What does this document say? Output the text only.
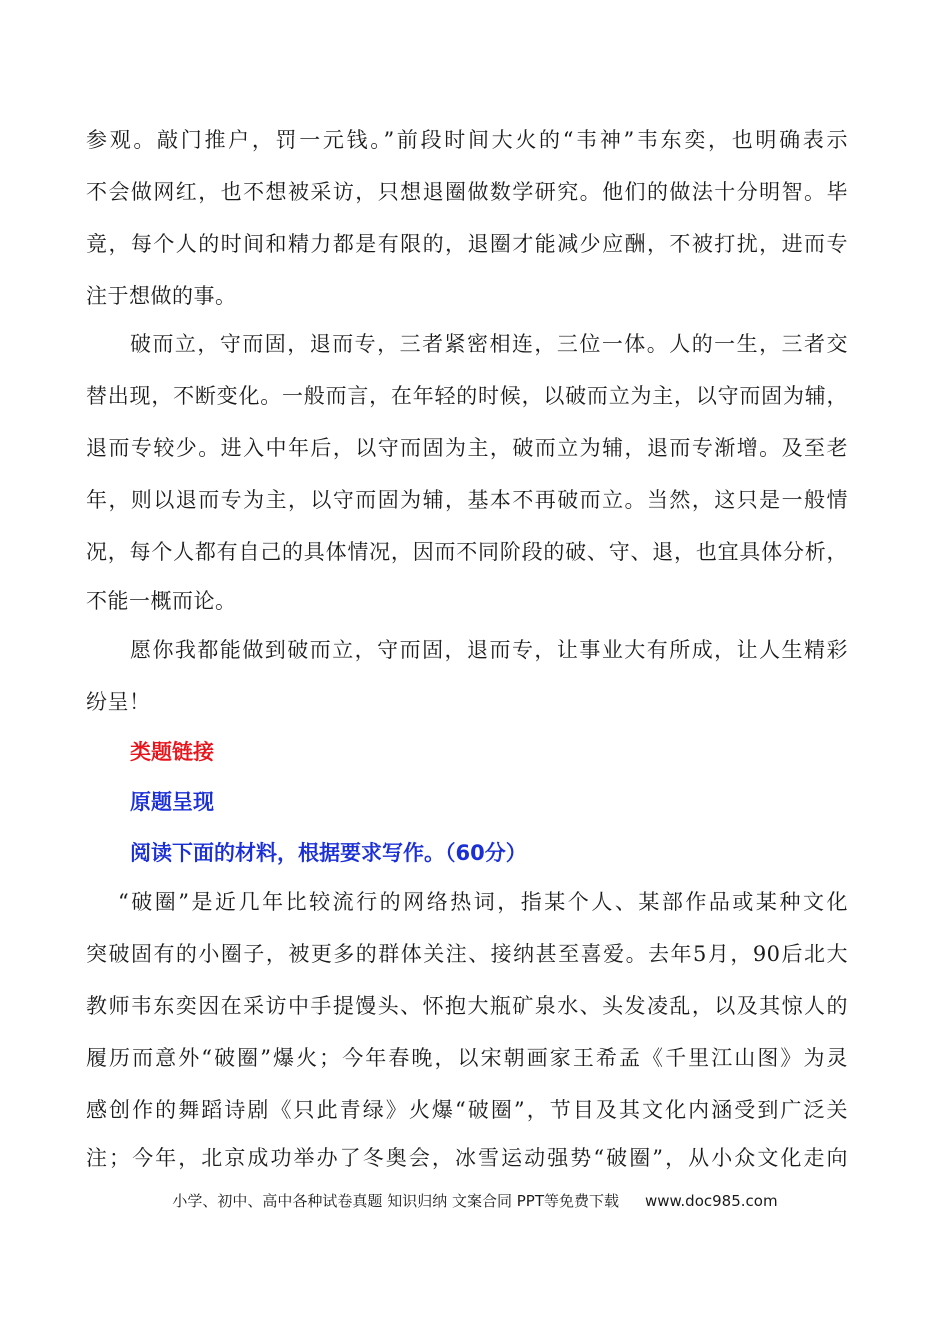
参观。敲门推户，罚一元钱。”前段时间大火的“韦神”韦东奕，也明确表示
不会做网红，也不想被采访，只想退圈做数学研究。他们的做法十分明智。毕
竟，每个人的时间和精力都是有限的，退圈才能减少应酬，不被打扰，进而专
注于想做的事。
破而立，守而固，退而专，三者紧密相连，三位一体。人的一生，三者交
替出现，不断变化。一般而言，在年轻的时候，以破而立为主，以守而固为辅，
退而专较少。进入中年后，以守而固为主，破而立为辅，退而专渐增。及至老
年，则以退而专为主，以守而固为辅，基本不再破而立。当然，这只是一般情
况，每个人都有自己的具体情况，因而不同阶段的破、守、退，也宜具体分析，
不能一概而论。
愿你我都能做到破而立，守而固，退而专，让事业大有所成，让人生精彩
纷呈！
类题链接
原题呈现
阅读下面的材料，根据要求写作。（60分）
“破圈”是近几年比较流行的网络热词，指某个人、某部作品或某种文化
突破固有的小圈子，被更多的群体关注、接纳甚至喜爱。去年5月，90后北大
教师韦东奕因在采访中手提馒头、怀抱大瓶矿泉水、头发凌乱，以及其惊人的
履历而意外“破圈”爆火；今年春晚，以宋朝画家王希孟《千里江山图》为灵
感创作的舞蹈诗剧《只此青绿》火爆“破圈”，节目及其文化内涵受到广泛关
注；今年，北京成功举办了冬奥会，冰雪运动强势“破圈”，从小众文化走向
小学、初中、高中各种试卷真题 知识归纳 文案合同 PPT等免费下载 www.doc985.com
